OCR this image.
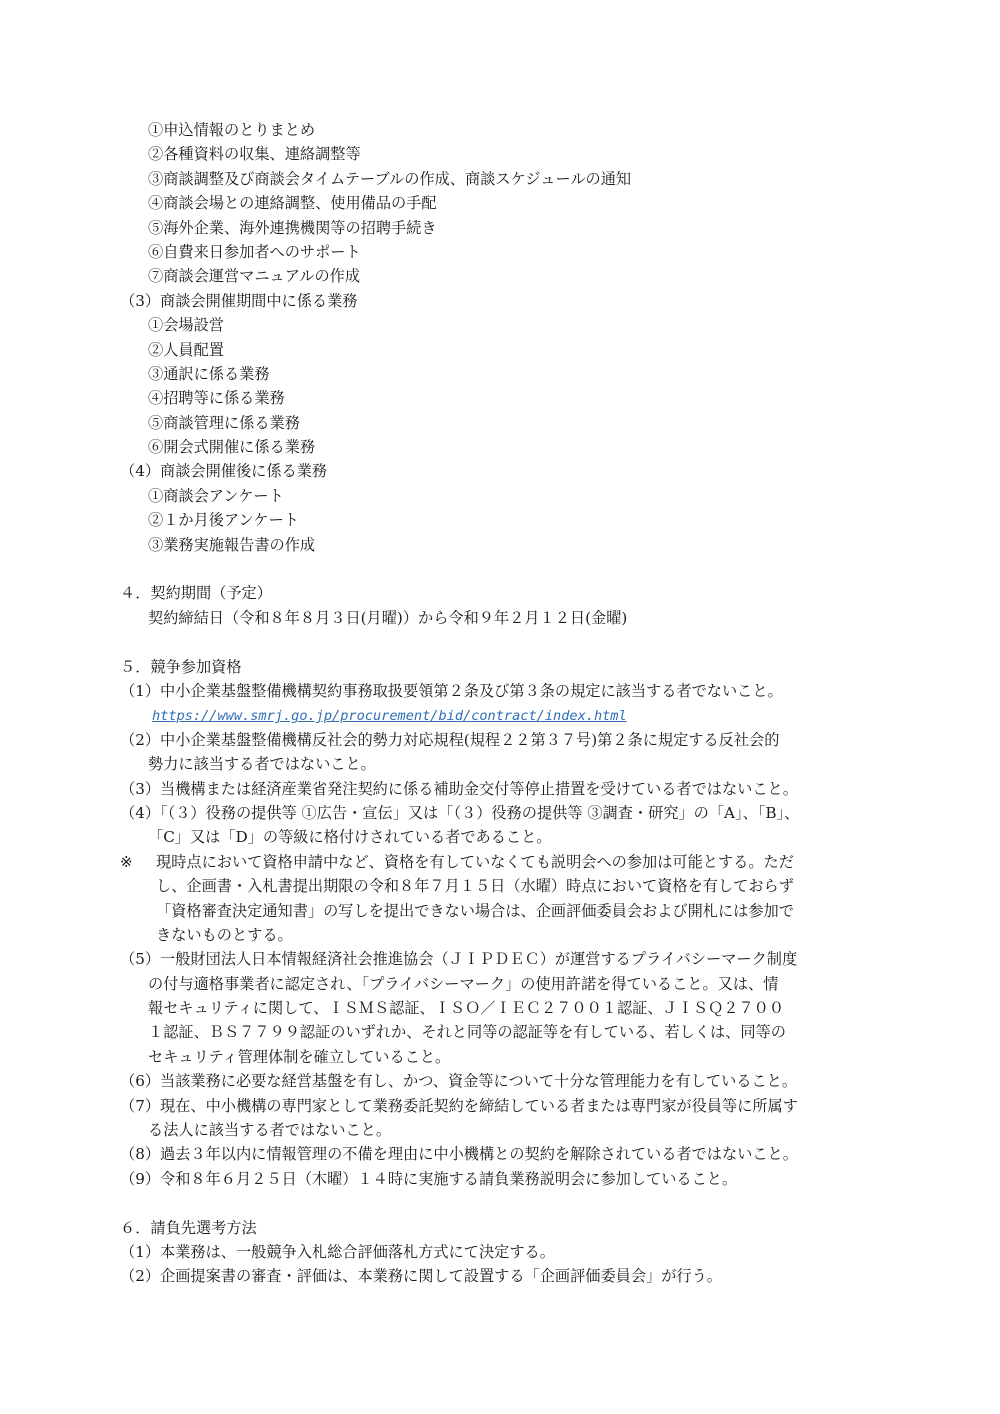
①申込情報のとりまとめ
②各種資料の収集、連絡調整等
③商談調整及び商談会タイムテーブルの作成、商談スケジュールの通知
④商談会場との連絡調整、使用備品の手配
⑤海外企業、海外連携機関等の招聘手続き
⑥自費来日参加者へのサポート
⑦商談会運営マニュアルの作成
（3）商談会開催期間中に係る業務
①会場設営
②人員配置
③通訳に係る業務
④招聘等に係る業務
⑤商談管理に係る業務
⑥開会式開催に係る業務
（4）商談会開催後に係る業務
①商談会アンケート
②１か月後アンケート
③業務実施報告書の作成
４．契約期間（予定）
契約締結日（令和８年８月３日(月曜)）から令和９年２月１２日(金曜)
５．競争参加資格
（1）中小企業基盤整備機構契約事務取扱要領第２条及び第３条の規定に該当する者でないこと。
https://www.smrj.go.jp/procurement/bid/contract/index.html
（2）中小企業基盤整備機構反社会的勢力対応規程(規程２２第３７号)第２条に規定する反社会的
勢力に該当する者ではないこと。
（3）当機構または経済産業省発注契約に係る補助金交付等停止措置を受けている者ではないこと。
（4）「（３）役務の提供等 ①広告・宣伝」又は「（３）役務の提供等 ③調査・研究」の「A」、「B」、
「C」又は「D」の等級に格付けされている者であること。
※	現時点において資格申請中など、資格を有していなくても説明会への参加は可能とする。ただ
し、企画書・入札書提出期限の令和８年７月１５日（水曜）時点において資格を有しておらず
「資格審査決定通知書」の写しを提出できない場合は、企画評価委員会および開札には参加で
きないものとする。
（5）一般財団法人日本情報経済社会推進協会（ＪＩＰＤＥＣ）が運営するプライバシーマーク制度
の付与適格事業者に認定され、「プライバシーマーク」の使用許諾を得ていること。又は、情
報セキュリティに関して、ＩＳＭＳ認証、ＩＳＯ／ＩＥＣ２７００１認証、ＪＩＳＱ２７００
１認証、ＢＳ７７９９認証のいずれか、それと同等の認証等を有している、若しくは、同等の
セキュリティ管理体制を確立していること。
（6）当該業務に必要な経営基盤を有し、かつ、資金等について十分な管理能力を有していること。
（7）現在、中小機構の専門家として業務委託契約を締結している者または専門家が役員等に所属す
る法人に該当する者ではないこと。
（8）過去３年以内に情報管理の不備を理由に中小機構との契約を解除されている者ではないこと。
（9）令和８年６月２５日（木曜）１４時に実施する請負業務説明会に参加していること。
６．請負先選考方法
（1）本業務は、一般競争入札総合評価落札方式にて決定する。
（2）企画提案書の審査・評価は、本業務に関して設置する「企画評価委員会」が行う。
